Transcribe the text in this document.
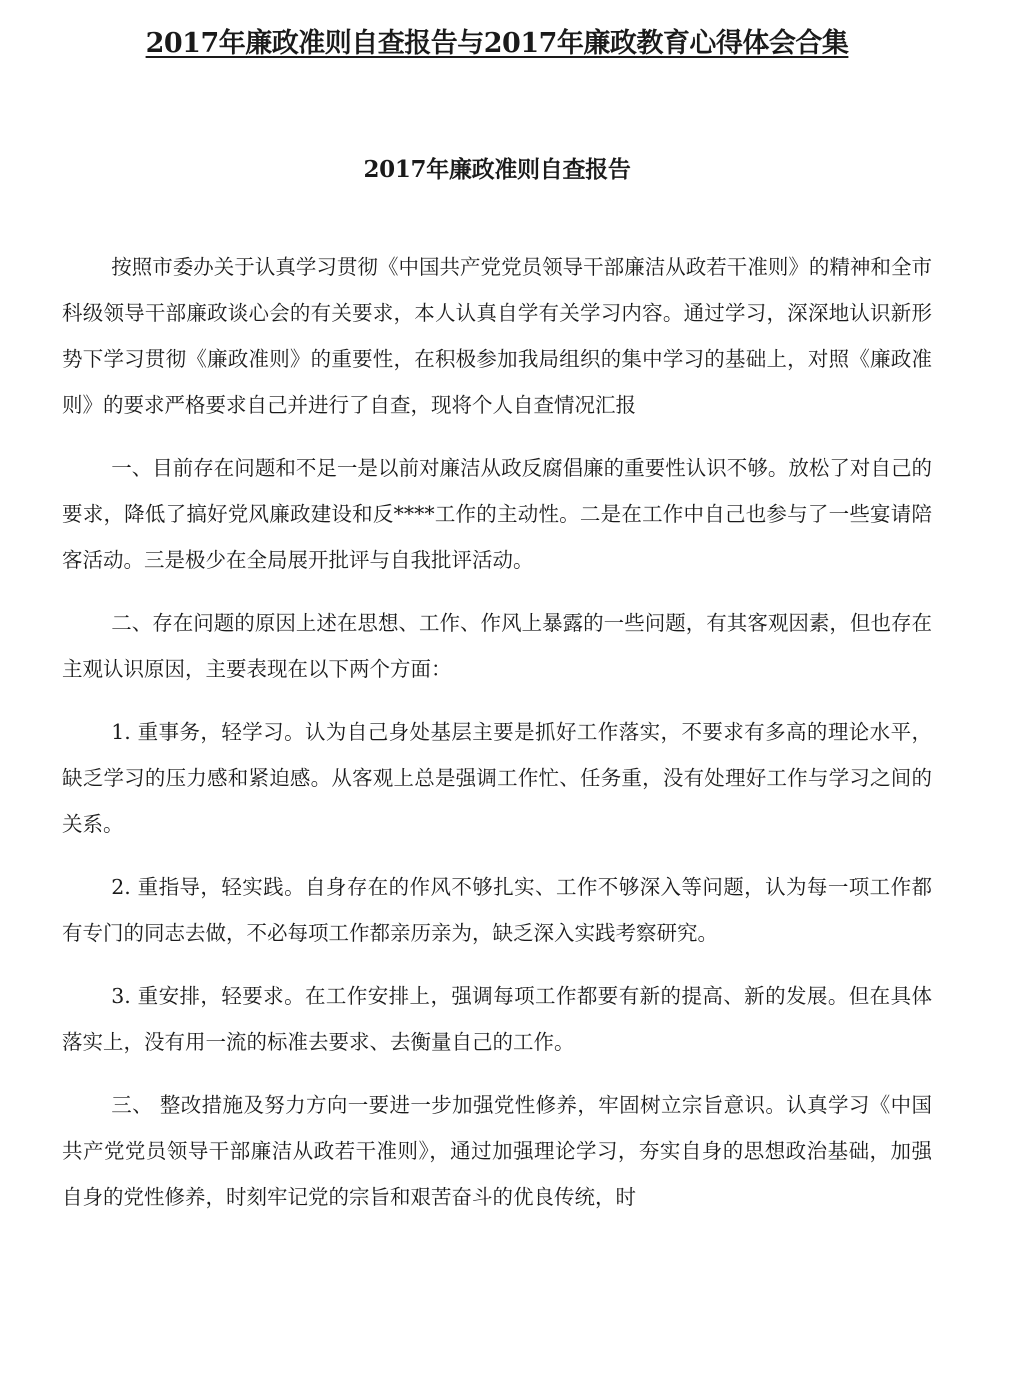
2017年廉政准则自查报告与2017年廉政教育心得体会合集
2017年廉政准则自查报告

按照市委办关于认真学习贯彻《中国共产党党员领导干部廉洁从政若干准则》的精神和全市科级领导干部廉政谈心会的有关要求，本人认真自学有关学习内容。通过学习，深深地认识新形势下学习贯彻《廉政准则》的重要性，在积极参加我局组织的集中学习的基础上，对照《廉政准则》的要求严格要求自己并进行了自查，现将个人自查情况汇报

一、目前存在问题和不足一是以前对廉洁从政反腐倡廉的重要性认识不够。放松了对自己的要求，降低了搞好党风廉政建设和反****工作的主动性。二是在工作中自己也参与了一些宴请陪客活动。三是极少在全局展开批评与自我批评活动。

二、存在问题的原因上述在思想、工作、作风上暴露的一些问题，有其客观因素，但也存在主观认识原因，主要表现在以下两个方面：

1. 重事务，轻学习。认为自己身处基层主要是抓好工作落实，不要求有多高的理论水平，缺乏学习的压力感和紧迫感。从客观上总是强调工作忙、任务重，没有处理好工作与学习之间的关系。

2. 重指导，轻实践。自身存在的作风不够扎实、工作不够深入等问题，认为每一项工作都有专门的同志去做，不必每项工作都亲历亲为，缺乏深入实践考察研究。

3. 重安排，轻要求。在工作安排上，强调每项工作都要有新的提高、新的发展。但在具体落实上，没有用一流的标准去要求、去衡量自己的工作。

三、 整改措施及努力方向一要进一步加强党性修养，牢固树立宗旨意识。认真学习《中国共产党党员领导干部廉洁从政若干准则》，通过加强理论学习，夯实自身的思想政治基础，加强自身的党性修养，时刻牢记党的宗旨和艰苦奋斗的优良传统，时
